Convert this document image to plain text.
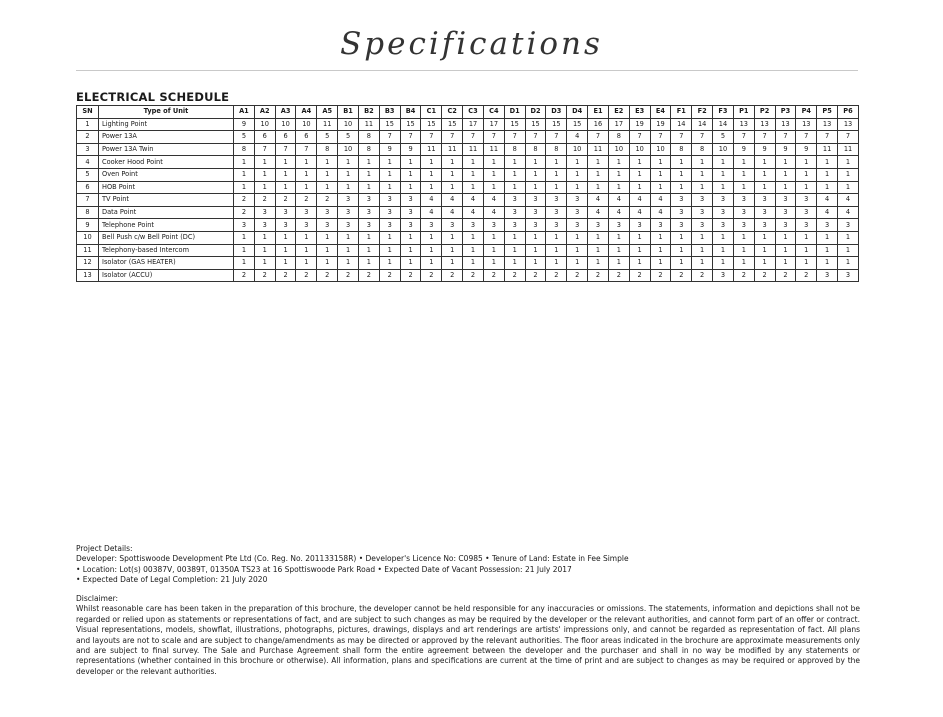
Specifications
ELECTRICAL SCHEDULE
SN	Type of Unit	A1	A2	A3	A4	A5	B1	B2	B3	B4	C1	C2	C3	C4	D1	D2	D3	D4	E1	E2	E3	E4	F1	F2	F3	P1	P2	P3	P4	P5	P6
1	Lighting Point	9	10	10	10	11	10	11	15	15	15	15	17	17	15	15	15	15	16	17	19	19	14	14	14	13	13	13	13	13	13
2	Power 13A	5	6	6	6	5	5	8	7	7	7	7	7	7	7	7	7	4	7	8	7	7	7	7	5	7	7	7	7	7	7
3	Power 13A Twin	8	7	7	7	8	10	8	9	9	11	11	11	11	8	8	8	10	11	10	10	10	8	8	10	9	9	9	9	11	11
4	Cooker Hood Point	1	1	1	1	1	1	1	1	1	1	1	1	1	1	1	1	1	1	1	1	1	1	1	1	1	1	1	1	1	1
5	Oven Point	1	1	1	1	1	1	1	1	1	1	1	1	1	1	1	1	1	1	1	1	1	1	1	1	1	1	1	1	1	1
6	HOB Point	1	1	1	1	1	1	1	1	1	1	1	1	1	1	1	1	1	1	1	1	1	1	1	1	1	1	1	1	1	1
7	TV Point	2	2	2	2	2	3	3	3	3	4	4	4	4	3	3	3	3	4	4	4	4	3	3	3	3	3	3	3	4	4
8	Data Point	2	3	3	3	3	3	3	3	3	4	4	4	4	3	3	3	3	4	4	4	4	3	3	3	3	3	3	3	4	4
9	Telephone Point	3	3	3	3	3	3	3	3	3	3	3	3	3	3	3	3	3	3	3	3	3	3	3	3	3	3	3	3	3	3
10	Bell Push c/w Bell Point (DC)	1	1	1	1	1	1	1	1	1	1	1	1	1	1	1	1	1	1	1	1	1	1	1	1	1	1	1	1	1	1
11	Telephony-based Intercom	1	1	1	1	1	1	1	1	1	1	1	1	1	1	1	1	1	1	1	1	1	1	1	1	1	1	1	1	1	1
12	Isolator (GAS HEATER)	1	1	1	1	1	1	1	1	1	1	1	1	1	1	1	1	1	1	1	1	1	1	1	1	1	1	1	1	1	1
13	Isolator (ACCU)	2	2	2	2	2	2	2	2	2	2	2	2	2	2	2	2	2	2	2	2	2	2	2	3	2	2	2	2	3	3
Project Details:
Developer: Spottiswoode Development Pte Ltd (Co. Reg. No. 201133158R) • Developer's Licence No: C0985 • Tenure of Land: Estate in Fee Simple
• Location: Lot(s) 00387V, 00389T, 01350A TS23 at 16 Spottiswoode Park Road • Expected Date of Vacant Possession: 21 July 2017
• Expected Date of Legal Completion: 21 July 2020
Disclaimer:
Whilst reasonable care has been taken in the preparation of this brochure, the developer cannot be held responsible for any inaccuracies or omissions. The statements, information and depictions shall not be regarded or relied upon as statements or representations of fact, and are subject to such changes as may be required by the developer or the relevant authorities, and cannot form part of an offer or contract. Visual representations, models, showflat, illustrations, photographs, pictures, drawings, displays and art renderings are artists' impressions only, and cannot be regarded as representation of fact. All plans and layouts are not to scale and are subject to change/amendments as may be directed or approved by the relevant authorities. The floor areas indicated in the brochure are approximate measurements only and are subject to final survey. The Sale and Purchase Agreement shall form the entire agreement between the developer and the purchaser and shall in no way be modified by any statements or representations (whether contained in this brochure or otherwise). All information, plans and specifications are current at the time of print and are subject to changes as may be required or approved by the developer or the relevant authorities.
